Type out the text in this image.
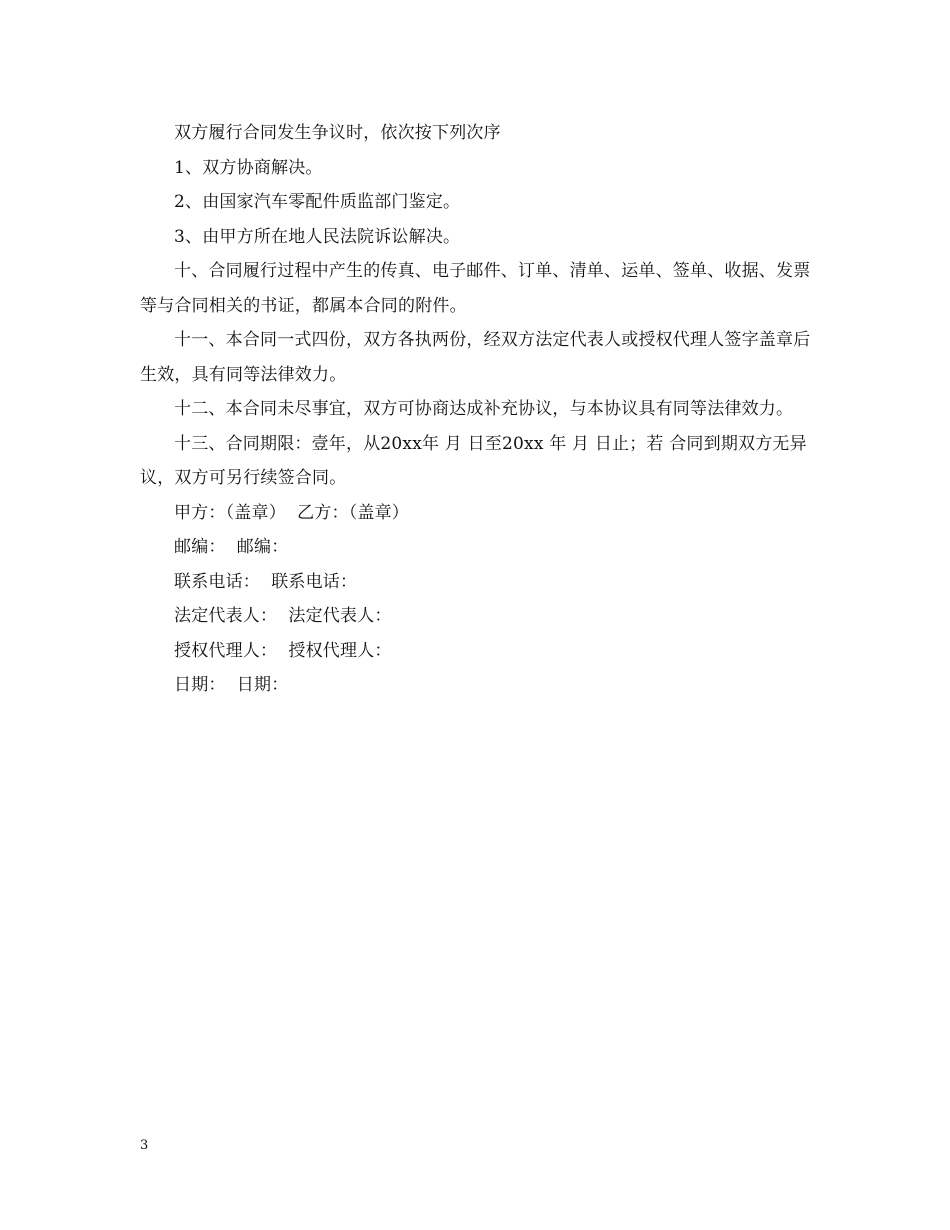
双方履行合同发生争议时，依次按下列次序

1、双方协商解决。

2、由国家汽车零配件质监部门鉴定。

3、由甲方所在地人民法院诉讼解决。

十、合同履行过程中产生的传真、电子邮件、订单、清单、运单、签单、收据、发票等与合同相关的书证，都属本合同的附件。

十一、本合同一式四份，双方各执两份，经双方法定代表人或授权代理人签字盖章后生效，具有同等法律效力。

十二、本合同未尽事宜，双方可协商达成补充协议，与本协议具有同等法律效力。

十三、合同期限：壹年，从20xx年 月 日至20xx 年 月 日止；若 合同到期双方无异议，双方可另行续签合同。

甲方：（盖章）  乙方：（盖章）

邮编：  邮编：

联系电话：  联系电话：

法定代表人：  法定代表人：

授权代理人：  授权代理人：

日期：  日期：

3
